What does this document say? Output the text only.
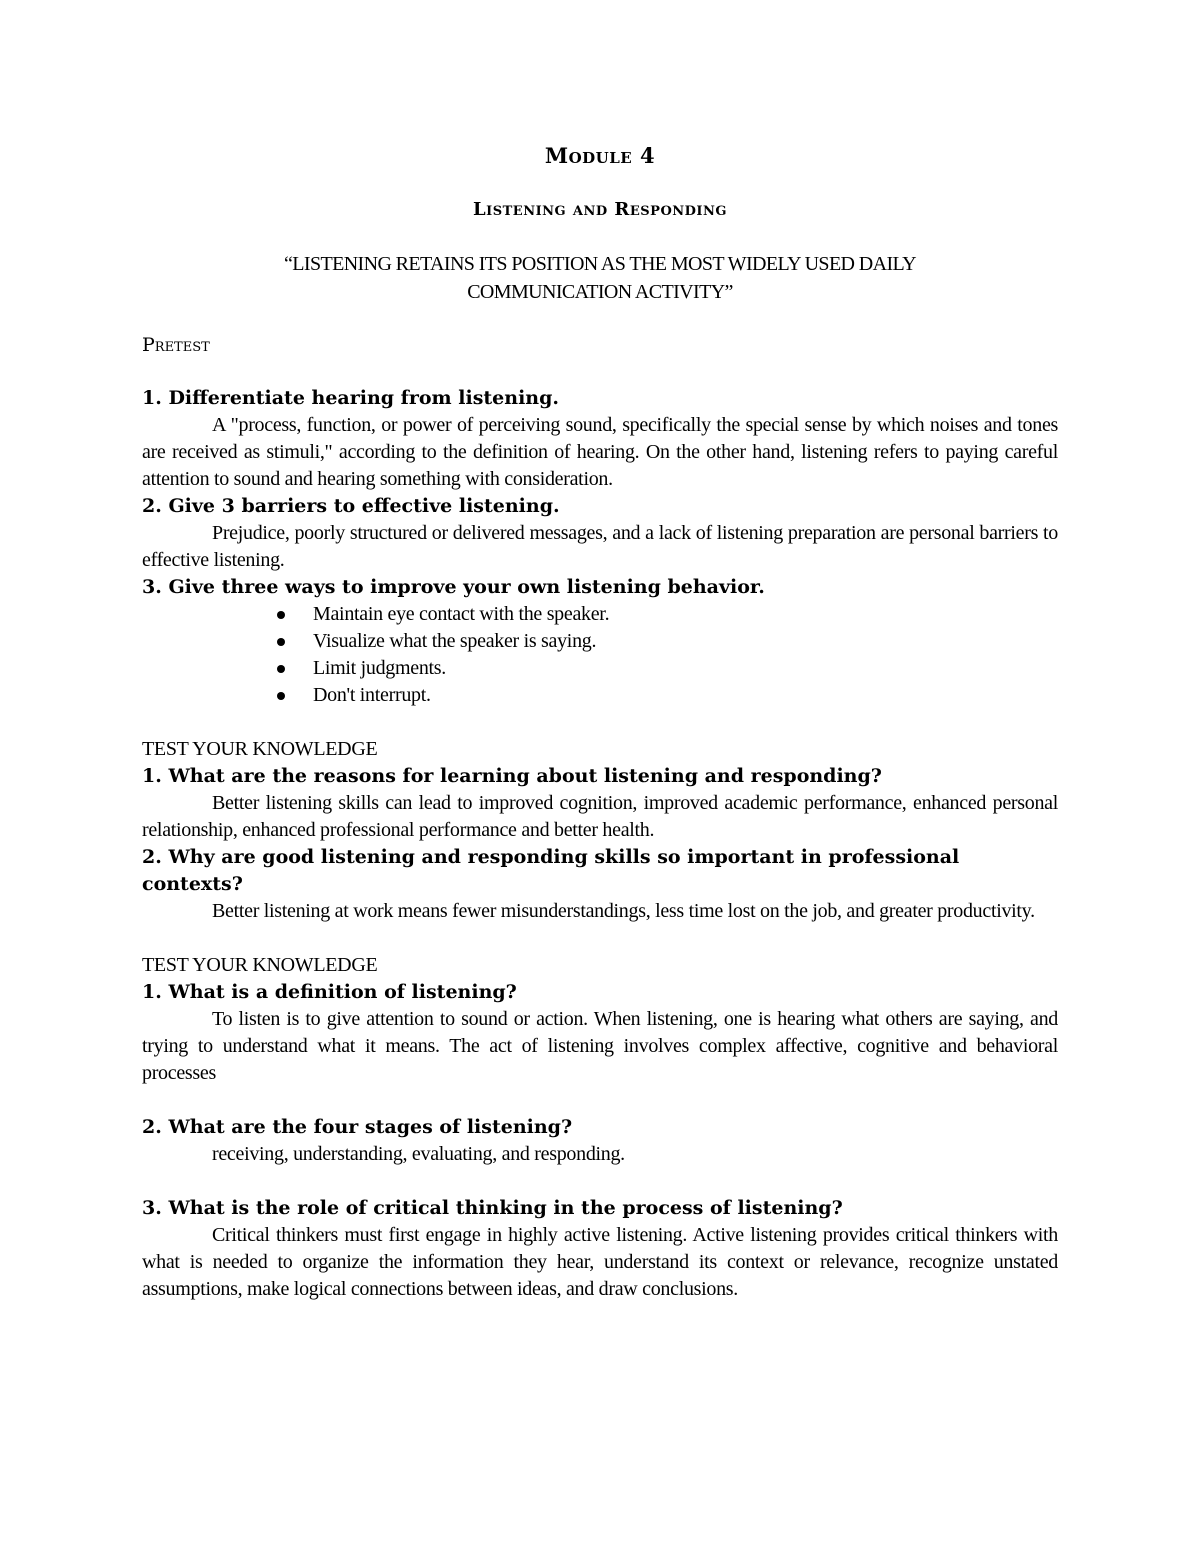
Module 4
Listening and Responding
“LISTENING RETAINS ITS POSITION AS THE MOST WIDELY USED DAILY
COMMUNICATION ACTIVITY”
Pretest
1. Differentiate hearing from listening.
A "process, function, or power of perceiving sound, specifically the special sense by which noises and tones are received as stimuli," according to the definition of hearing. On the other hand, listening refers to paying careful attention to sound and hearing something with consideration.
2. Give 3 barriers to effective listening.
Prejudice, poorly structured or delivered messages, and a lack of listening preparation are personal barriers to effective listening.
3. Give three ways to improve your own listening behavior.
Maintain eye contact with the speaker.
Visualize what the speaker is saying.
Limit judgments.
Don't interrupt.
TEST YOUR KNOWLEDGE
1. What are the reasons for learning about listening and responding?
Better listening skills can lead to improved cognition, improved academic performance, enhanced personal relationship, enhanced professional performance and better health.
2. Why are good listening and responding skills so important in professional contexts?
Better listening at work means fewer misunderstandings, less time lost on the job, and greater productivity.
TEST YOUR KNOWLEDGE
1. What is a definition of listening?
To listen is to give attention to sound or action. When listening, one is hearing what others are saying, and trying to understand what it means. The act of listening involves complex affective, cognitive and behavioral processes
2. What are the four stages of listening?
receiving, understanding, evaluating, and responding.
3. What is the role of critical thinking in the process of listening?
Critical thinkers must first engage in highly active listening. Active listening provides critical thinkers with what is needed to organize the information they hear, understand its context or relevance, recognize unstated assumptions, make logical connections between ideas, and draw conclusions.
